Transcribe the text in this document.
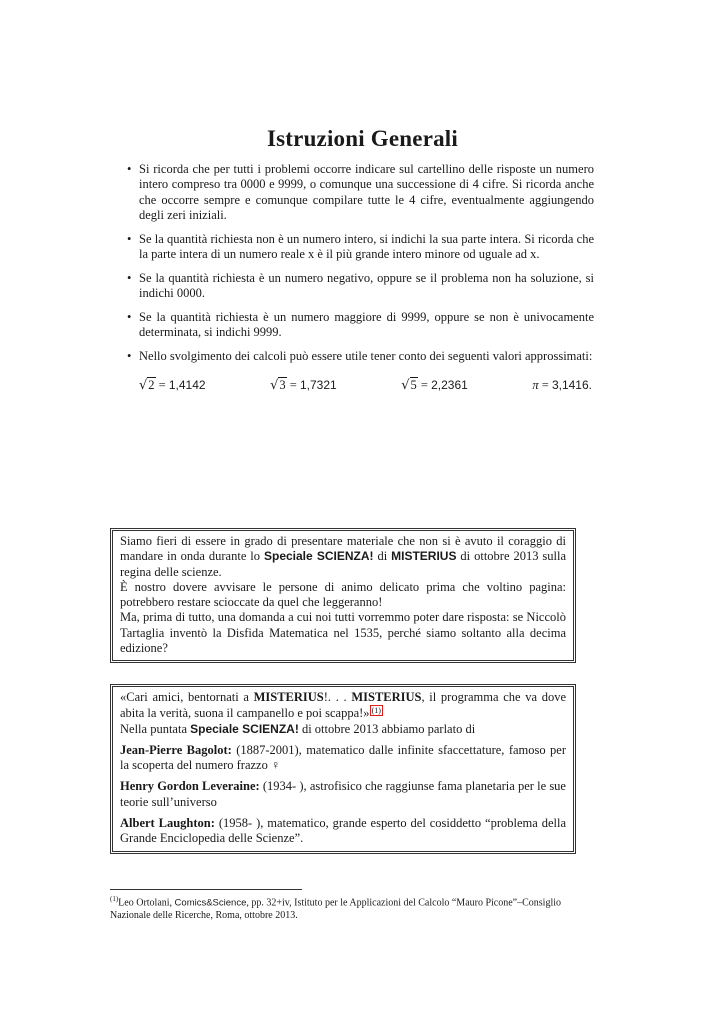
Istruzioni Generali
• Si ricorda che per tutti i problemi occorre indicare sul cartellino delle risposte un numero intero compreso tra 0000 e 9999, o comunque una successione di 4 cifre. Si ricorda anche che occorre sempre e comunque compilare tutte le 4 cifre, eventualmente aggiungendo degli zeri iniziali.
• Se la quantità richiesta non è un numero intero, si indichi la sua parte intera. Si ricorda che la parte intera di un numero reale x è il più grande intero minore od uguale ad x.
• Se la quantità richiesta è un numero negativo, oppure se il problema non ha soluzione, si indichi 0000.
• Se la quantità richiesta è un numero maggiore di 9999, oppure se non è univocamente determinata, si indichi 9999.
• Nello svolgimento dei calcoli può essere utile tener conto dei seguenti valori approssimati:
√2 = 1,4142	√3 = 1,7321	√5 = 2,2361	π = 3,1416.

Siamo fieri di essere in grado di presentare materiale che non si è avuto il coraggio di mandare in onda durante lo Speciale SCIENZA! di MISTERIUS di ottobre 2013 sulla regina delle scienze.

È nostro dovere avvisare le persone di animo delicato prima che voltino pagina: potrebbero restare scioccate da quel che leggeranno!

Ma, prima di tutto, una domanda a cui noi tutti vorremmo poter dare risposta: se Niccolò Tartaglia inventò la Disfida Matematica nel 1535, perché siamo soltanto alla decima edizione?

«Cari amici, bentornati a MISTERIUS!. . . MISTERIUS, il programma che va dove abita la verità, suona il campanello e poi scappa!» (1)

Nella puntata Speciale SCIENZA! di ottobre 2013 abbiamo parlato di

Jean-Pierre Bagolot: (1887-2001), matematico dalle infinite sfaccettature, famoso per la scoperta del numero frazzo ♀

Henry Gordon Leveraine: (1934- ), astrofisico che raggiunse fama planetaria per le sue teorie sull’universo

Albert Laughton: (1958- ), matematico, grande esperto del cosiddetto “problema della Grande Enciclopedia delle Scienze”.

$^{(1)}$Leo Ortolani, Comics&Science, pp. 32+iv, Istituto per le Applicazioni del Calcolo “Mauro Picone”–Consiglio Nazionale delle Ricerche, Roma, ottobre 2013.
